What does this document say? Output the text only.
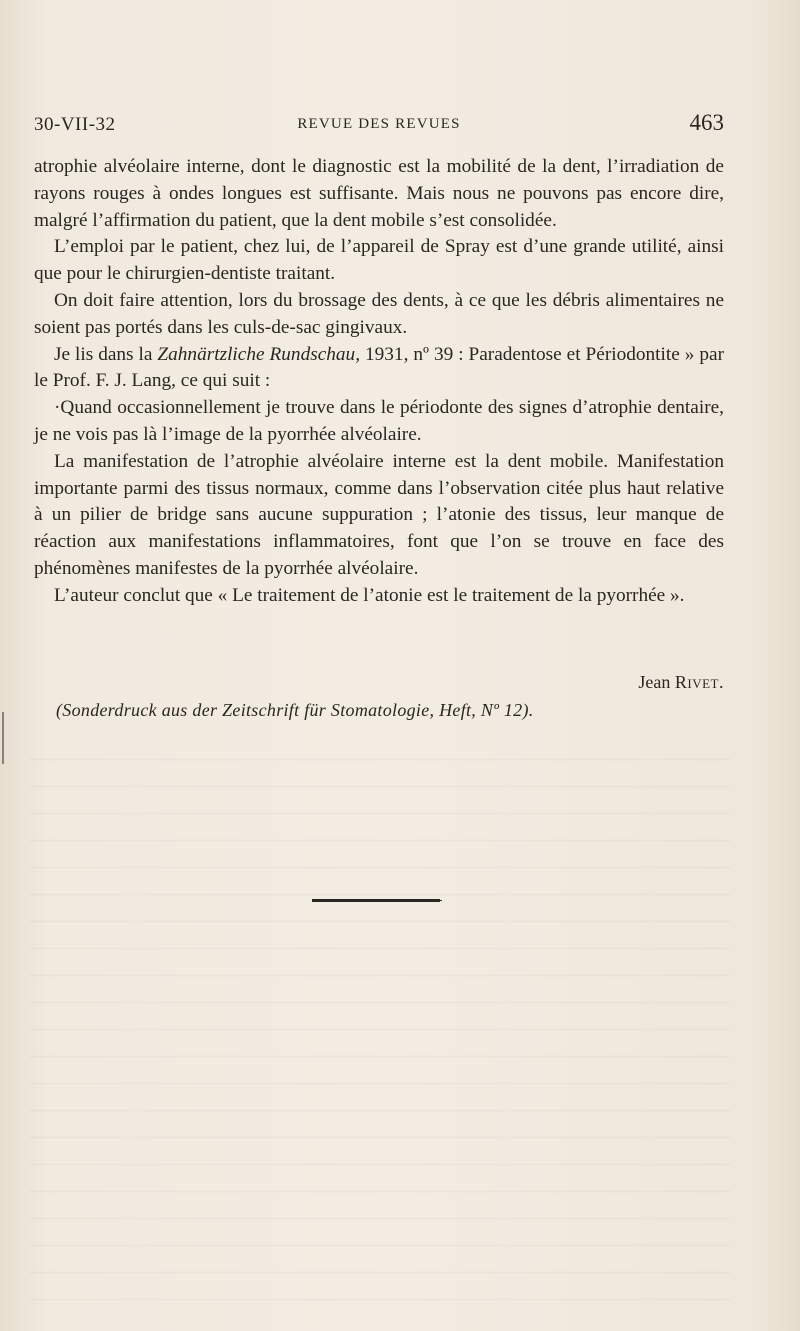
30-VII-32	REVUE DES REVUES	463

atrophie alvéolaire interne, dont le diagnostic est la mobilité de la dent, l’irradiation de rayons rouges à ondes longues est suffisante. Mais nous ne pouvons pas encore dire, malgré l’affirmation du patient, que la dent mobile s’est consolidée.

L’emploi par le patient, chez lui, de l’appareil de Spray est d’une grande utilité, ainsi que pour le chirurgien-dentiste traitant.

On doit faire attention, lors du brossage des dents, à ce que les débris alimentaires ne soient pas portés dans les culs-de-sac gingivaux.

Je lis dans la Zahnärtzliche Rundschau, 1931, nº 39 : Paradentose et Périodontite » par le Prof. F. J. Lang, ce qui suit :

·Quand occasionnellement je trouve dans le périodonte des signes d’atrophie dentaire, je ne vois pas là l’image de la pyorrhée alvéolaire.

La manifestation de l’atrophie alvéolaire interne est la dent mobile. Manifestation importante parmi des tissus normaux, comme dans l’observation citée plus haut relative à un pilier de bridge sans aucune suppuration ; l’atonie des tissus, leur manque de réaction aux manifestations inflammatoires, font que l’on se trouve en face des phénomènes manifestes de la pyorrhée alvéolaire.

L’auteur conclut que « Le traitement de l’atonie est le traitement de la pyorrhée ».

Jean Rivet.
(Sonderdruck aus der Zeitschrift für Stomatologie, Heft, Nº 12).
